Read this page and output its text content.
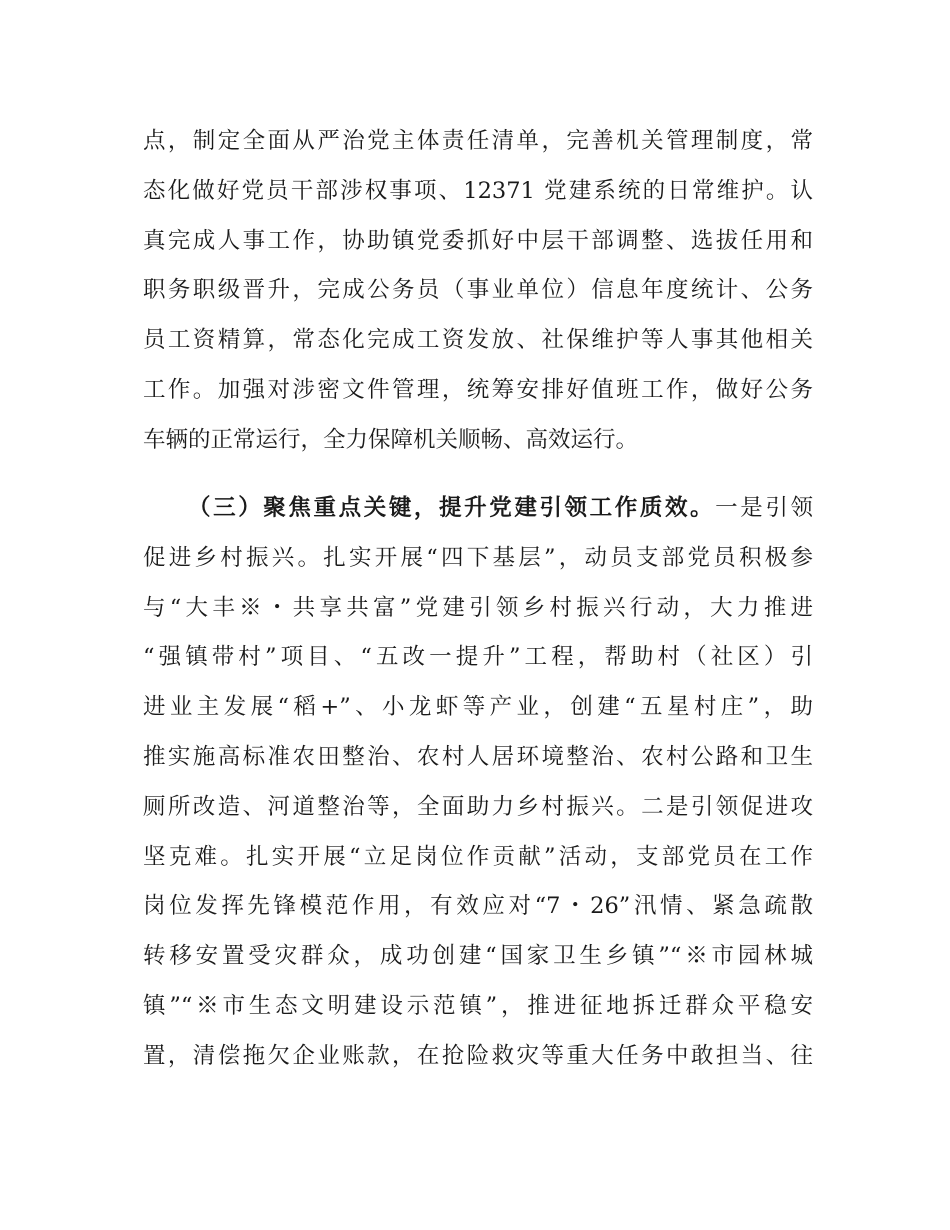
点，制定全面从严治党主体责任清单，完善机关管理制度，常
态化做好党员干部涉权事项、12371 党建系统的日常维护。认
真完成人事工作，协助镇党委抓好中层干部调整、选拔任用和
职务职级晋升，完成公务员（事业单位）信息年度统计、公务
员工资精算，常态化完成工资发放、社保维护等人事其他相关
工作。加强对涉密文件管理，统筹安排好值班工作，做好公务
车辆的正常运行，全力保障机关顺畅、高效运行。
（三）聚焦重点关键，提升党建引领工作质效。一是引领
促进乡村振兴。扎实开展“四下基层”，动员支部党员积极参
与“大丰※・共享共富”党建引领乡村振兴行动，大力推进
“强镇带村”项目、“五改一提升”工程，帮助村（社区）引
进业主发展“稻+”、小龙虾等产业，创建“五星村庄”，助
推实施高标准农田整治、农村人居环境整治、农村公路和卫生
厕所改造、河道整治等，全面助力乡村振兴。二是引领促进攻
坚克难。扎实开展“立足岗位作贡献”活动，支部党员在工作
岗位发挥先锋模范作用，有效应对“7・26”汛情、紧急疏散
转移安置受灾群众，成功创建“国家卫生乡镇”“※市园林城
镇”“※市生态文明建设示范镇”，推进征地拆迁群众平稳安
置，清偿拖欠企业账款，在抢险救灾等重大任务中敢担当、往
